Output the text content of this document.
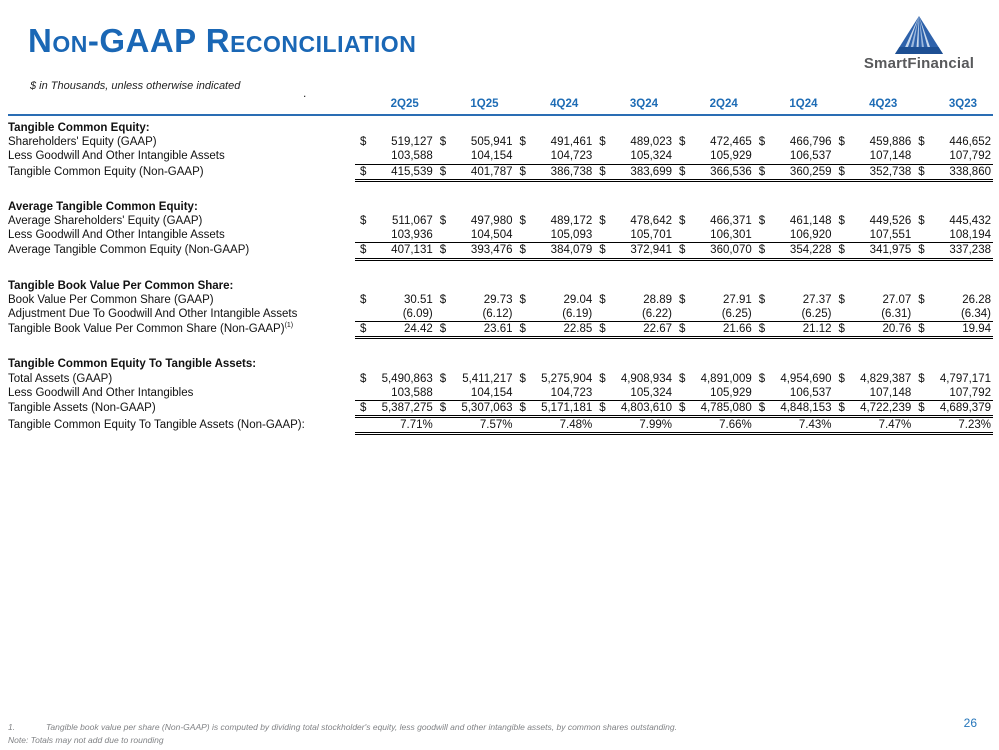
Non-GAAP Reconciliation
$ in Thousands, unless otherwise indicated	.
SmartFinancial
2Q25	1Q25	4Q24	3Q24	2Q24	1Q24	4Q23	3Q23
Tangible Common Equity:
Shareholders' Equity (GAAP)	$	519,127 $	505,941 $	491,461 $	489,023 $	472,465 $	466,796 $	459,886 $	446,652
Less Goodwill And Other Intangible Assets	103,588	104,154	104,723	105,324	105,929	106,537	107,148	107,792
Tangible Common Equity (Non-GAAP)	$	415,539 $	401,787 $	386,738 $	383,699 $	366,536 $	360,259 $	352,738 $	338,860
Average Tangible Common Equity:
Average Shareholders' Equity (GAAP)	$	511,067 $	497,980 $	489,172 $	478,642 $	466,371 $	461,148 $	449,526 $	445,432
Less Goodwill And Other Intangible Assets	103,936	104,504	105,093	105,701	106,301	106,920	107,551	108,194
Average Tangible Common Equity (Non-GAAP)	$	407,131 $	393,476 $	384,079 $	372,941 $	360,070 $	354,228 $	341,975 $	337,238
Tangible Book Value Per Common Share:
Book Value Per Common Share (GAAP)	$	30.51 $	29.73 $	29.04 $	28.89 $	27.91 $	27.37 $	27.07 $	26.28
Adjustment Due To Goodwill And Other Intangible Assets	(6.09)	(6.12)	(6.19)	(6.22)	(6.25)	(6.25)	(6.31)	(6.34)
Tangible Book Value Per Common Share (Non-GAAP)$^{(1)}$	$	24.42 $	23.61 $	22.85 $	22.67 $	21.66 $	21.12 $	20.76 $	19.94
Tangible Common Equity To Tangible Assets:
Total Assets (GAAP)	$	5,490,863 $	5,411,217 $	5,275,904 $	4,908,934 $	4,891,009 $	4,954,690 $	4,829,387 $	4,797,171
Less Goodwill And Other Intangibles	103,588	104,154	104,723	105,324	105,929	106,537	107,148	107,792
Tangible Assets (Non-GAAP)	$	5,387,275 $	5,307,063 $	5,171,181 $	4,803,610 $	4,785,080 $	4,848,153 $	4,722,239 $	4,689,379
Tangible Common Equity To Tangible Assets (Non-GAAP):	7.71%	7.57%	7.48%	7.99%	7.66%	7.43%	7.47%	7.23%
1.	Tangible book value per share (Non-GAAP) is computed by dividing total stockholder's equity, less goodwill and other intangible assets, by common shares outstanding.
Note: Totals may not add due to rounding
26
